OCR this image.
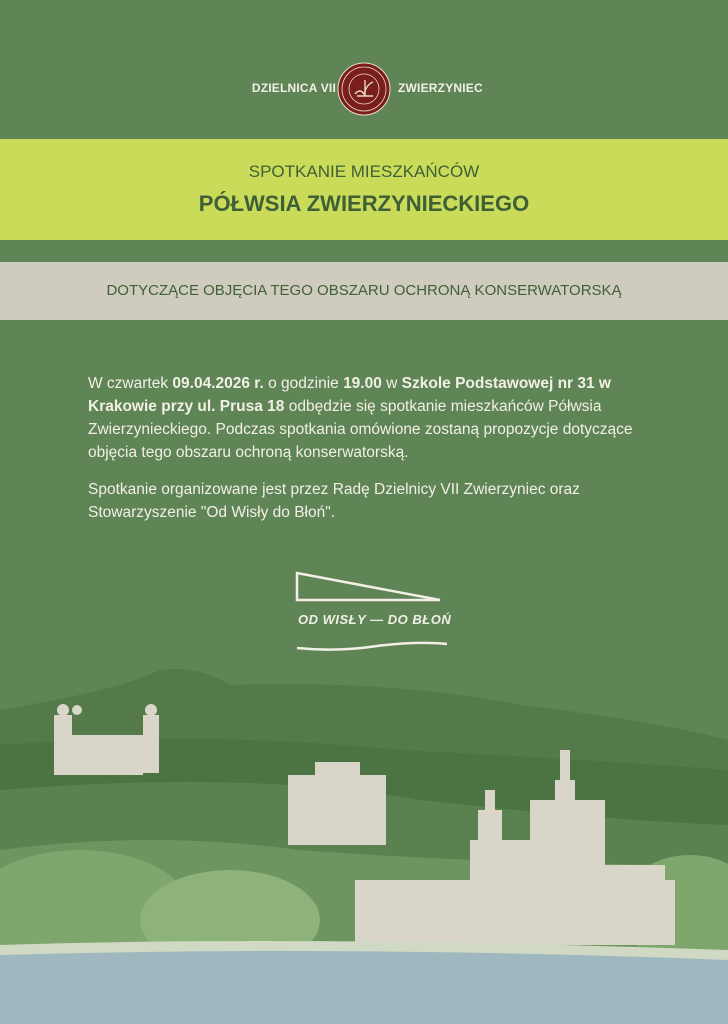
DZIELNICA VII	ZWIERZYNIEC
SPOTKANIE MIESZKAŃCÓW
PÓŁWSIA ZWIERZYNIECKIEGO
DOTYCZĄCE OBJĘCIA TEGO OBSZARU OCHRONĄ KONSERWATORSKĄ

W czwartek 09.04.2026 r. o godzinie 19.00 w Szkole Podstawowej nr 31 w Krakowie przy ul. Prusa 18 odbędzie się spotkanie mieszkańców Półwsia Zwierzynieckiego. Podczas spotkania omówione zostaną propozycje dotyczące objęcia tego obszaru ochroną konserwatorską.

Spotkanie organizowane jest przez Radę Dzielnicy VII Zwierzyniec oraz Stowarzyszenie "Od Wisły do Błoń".

OD WISŁY — DO BŁOŃ
